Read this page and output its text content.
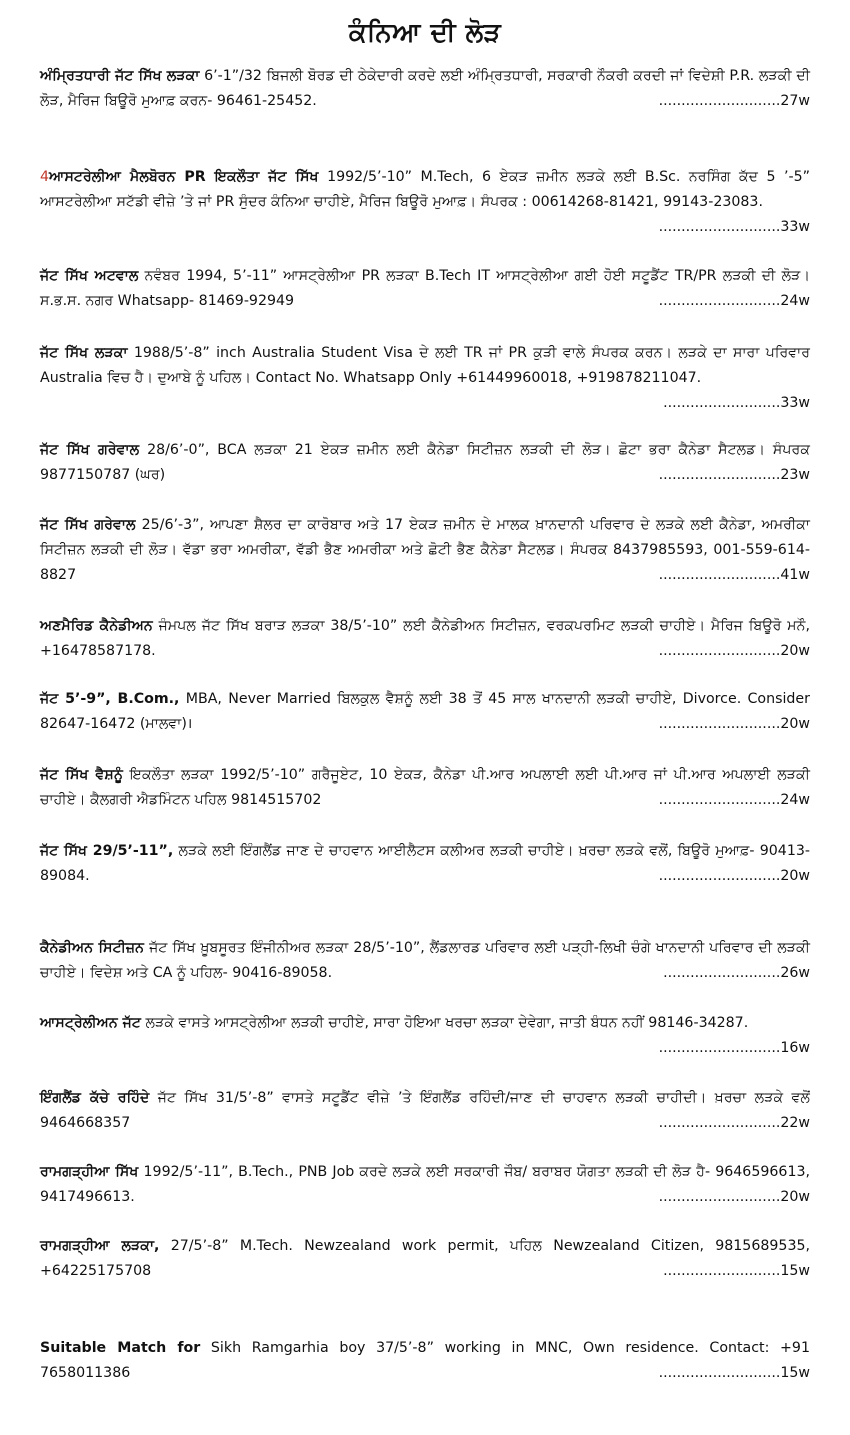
ਕੰਨਿਆ ਦੀ ਲੋੜ
ਅੰਮ੍ਰਿਤਧਾਰੀ ਜੱਟ ਸਿੱਖ ਲੜਕਾ 6’-1”/32 ਬਿਜਲੀ ਬੋਰਡ ਦੀ ਠੇਕੇਦਾਰੀ ਕਰਦੇ ਲਈ ਅੰਮ੍ਰਿਤਧਾਰੀ, ਸਰਕਾਰੀ ਨੌਕਰੀ ਕਰਦੀ ਜਾਂ ਵਿਦੇਸ਼ੀ P.R. ਲੜਕੀ ਦੀ ਲੋੜ, ਮੈਰਿਜ ਬਿਊਰੋ ਮੁਆਫ਼ ਕਰਨ- 96461-25452.	...........................27w
4ਆਸਟਰੇਲੀਆ ਮੈਲਬੋਰਨ PR ਇਕਲੌਤਾ ਜੱਟ ਸਿੱਖ 1992/5’-10” M.Tech, 6 ਏਕੜ ਜ਼ਮੀਨ ਲੜਕੇ ਲਈ B.Sc. ਨਰਸਿੰਗ ਕੱਦ 5 ’-5” ਆਸਟਰੇਲੀਆ ਸਟੱਡੀ ਵੀਜ਼ੇ ’ਤੇ ਜਾਂ PR ਸੁੰਦਰ ਕੰਨਿਆ ਚਾਹੀਏ, ਮੈਰਿਜ ਬਿਊਰੋ ਮੁਆਫ਼। ਸੰਪਰਕ : 00614268-81421, 99143-23083.
...........................33w
ਜੱਟ ਸਿੱਖ ਅਟਵਾਲ ਨਵੰਬਰ 1994, 5’-11” ਆਸਟ੍ਰੇਲੀਆ PR ਲੜਕਾ B.Tech IT ਆਸਟ੍ਰੇਲੀਆ ਗਈ ਹੋਈ ਸਟੂਡੈਂਟ TR/PR ਲੜਕੀ ਦੀ ਲੋੜ। ਸ.ਭ.ਸ. ਨਗਰ Whatsapp- 81469-92949	...........................24w
ਜੱਟ ਸਿੱਖ ਲੜਕਾ 1988/5’-8” inch Australia Student Visa ਦੇ ਲਈ TR ਜਾਂ PR ਕੁੜੀ ਵਾਲੇ ਸੰਪਰਕ ਕਰਨ। ਲੜਕੇ ਦਾ ਸਾਰਾ ਪਰਿਵਾਰ Australia ਵਿਚ ਹੈ। ਦੁਆਬੇ ਨੂੰ ਪਹਿਲ। Contact No. Whatsapp Only +61449960018, +919878211047.
..........................33w
ਜੱਟ ਸਿੱਖ ਗਰੇਵਾਲ 28/6’-0”, BCA ਲੜਕਾ 21 ਏਕੜ ਜ਼ਮੀਨ ਲਈ ਕੈਨੇਡਾ ਸਿਟੀਜ਼ਨ ਲੜਕੀ ਦੀ ਲੋੜ। ਛੋਟਾ ਭਰਾ ਕੈਨੇਡਾ ਸੈਟਲਡ। ਸੰਪਰਕ 9877150787 (ਘਰ)	...........................23w
ਜੱਟ ਸਿੱਖ ਗਰੇਵਾਲ 25/6’-3”, ਆਪਣਾ ਸ਼ੈਲਰ ਦਾ ਕਾਰੋਬਾਰ ਅਤੇ 17 ਏਕੜ ਜ਼ਮੀਨ ਦੇ ਮਾਲਕ ਖ਼ਾਨਦਾਨੀ ਪਰਿਵਾਰ ਦੇ ਲੜਕੇ ਲਈ ਕੈਨੇਡਾ, ਅਮਰੀਕਾ ਸਿਟੀਜ਼ਨ ਲੜਕੀ ਦੀ ਲੋੜ। ਵੱਡਾ ਭਰਾ ਅਮਰੀਕਾ, ਵੱਡੀ ਭੈਣ ਅਮਰੀਕਾ ਅਤੇ ਛੋਟੀ ਭੈਣ ਕੈਨੇਡਾ ਸੈਟਲਡ। ਸੰਪਰਕ 8437985593, 001-559-614-8827	...........................41w
ਅਣਮੈਰਿਡ ਕੈਨੇਡੀਅਨ ਜੰਮਪਲ ਜੱਟ ਸਿੱਖ ਬਰਾੜ ਲੜਕਾ 38/5’-10” ਲਈ ਕੈਨੇਡੀਅਨ ਸਿਟੀਜ਼ਨ, ਵਰਕਪਰਮਿਟ ਲੜਕੀ ਚਾਹੀਏ। ਮੈਰਿਜ ਬਿਊਰੋ ਮਨੌ, +16478587178.	...........................20w
ਜੱਟ 5’-9”, B.Com., MBA, Never Married ਬਿਲਕੁਲ ਵੈਸ਼ਨੂੰ ਲਈ 38 ਤੋਂ 45 ਸਾਲ ਖਾਨਦਾਨੀ ਲੜਕੀ ਚਾਹੀਏ, Divorce. Consider 82647-16472 (ਮਾਲਵਾ)।	...........................20w
ਜੱਟ ਸਿੱਖ ਵੈਸ਼ਨੂੰ ਇਕਲੌਤਾ ਲੜਕਾ 1992/5’-10” ਗਰੈਜੂਏਟ, 10 ਏਕੜ, ਕੈਨੇਡਾ ਪੀ.ਆਰ ਅਪਲਾਈ ਲਈ ਪੀ.ਆਰ ਜਾਂ ਪੀ.ਆਰ ਅਪਲਾਈ ਲੜਕੀ ਚਾਹੀਏ। ਕੈਲਗਰੀ ਐਡਮਿੰਟਨ ਪਹਿਲ 9814515702	...........................24w
ਜੱਟ ਸਿੱਖ 29/5’-11”, ਲੜਕੇ ਲਈ ਇੰਗਲੈਂਡ ਜਾਣ ਦੇ ਚਾਹਵਾਨ ਆਈਲੈਟਸ ਕਲੀਅਰ ਲੜਕੀ ਚਾਹੀਏ। ਖ਼ਰਚਾ ਲੜਕੇ ਵਲੋਂ, ਬਿਊਰੋ ਮੁਆਫ਼- 90413-89084.	...........................20w
ਕੈਨੇਡੀਅਨ ਸਿਟੀਜ਼ਨ ਜੱਟ ਸਿੱਖ ਖ਼ੂਬਸੂਰਤ ਇੰਜੀਨੀਅਰ ਲੜਕਾ 28/5’-10”, ਲੈਂਡਲਾਰਡ ਪਰਿਵਾਰ ਲਈ ਪੜ੍ਹੀ-ਲਿਖੀ ਚੰਗੇ ਖਾਨਦਾਨੀ ਪਰਿਵਾਰ ਦੀ ਲੜਕੀ ਚਾਹੀਏ। ਵਿਦੇਸ਼ ਅਤੇ CA ਨੂੰ ਪਹਿਲ- 90416-89058.	..........................26w
ਆਸਟ੍ਰੇਲੀਅਨ ਜੱਟ ਲੜਕੇ ਵਾਸਤੇ ਆਸਟ੍ਰੇਲੀਆ ਲੜਕੀ ਚਾਹੀਏ, ਸਾਰਾ ਹੋਇਆ ਖਰਚਾ ਲੜਕਾ ਦੇਵੇਗਾ, ਜਾਤੀ ਬੰਧਨ ਨਹੀਂ 98146-34287.
...........................16w
ਇੰਗਲੈਂਡ ਕੱਚੇ ਰਹਿੰਦੇ ਜੱਟ ਸਿੱਖ 31/5’-8” ਵਾਸਤੇ ਸਟੂਡੈਂਟ ਵੀਜ਼ੇ ’ਤੇ ਇੰਗਲੈਂਡ ਰਹਿੰਦੀ/ਜਾਣ ਦੀ ਚਾਹਵਾਨ ਲੜਕੀ ਚਾਹੀਦੀ। ਖ਼ਰਚਾ ਲੜਕੇ ਵਲੋਂ 9464668357	...........................22w
ਰਾਮਗੜ੍ਹੀਆ ਸਿੱਖ 1992/5’-11”, B.Tech., PNB Job ਕਰਦੇ ਲੜਕੇ ਲਈ ਸਰਕਾਰੀ ਜੌਬ/ ਬਰਾਬਰ ਯੋਗਤਾ ਲੜਕੀ ਦੀ ਲੋੜ ਹੈ- 9646596613, 9417496613.	...........................20w
ਰਾਮਗੜ੍ਹੀਆ ਲੜਕਾ, 27/5’-8” M.Tech. Newzealand work permit, ਪਹਿਲ Newzealand Citizen, 9815689535, +64225175708	..........................15w
Suitable Match for Sikh Ramgarhia boy 37/5’-8” working in MNC, Own residence. Contact: +91 7658011386	...........................15w
